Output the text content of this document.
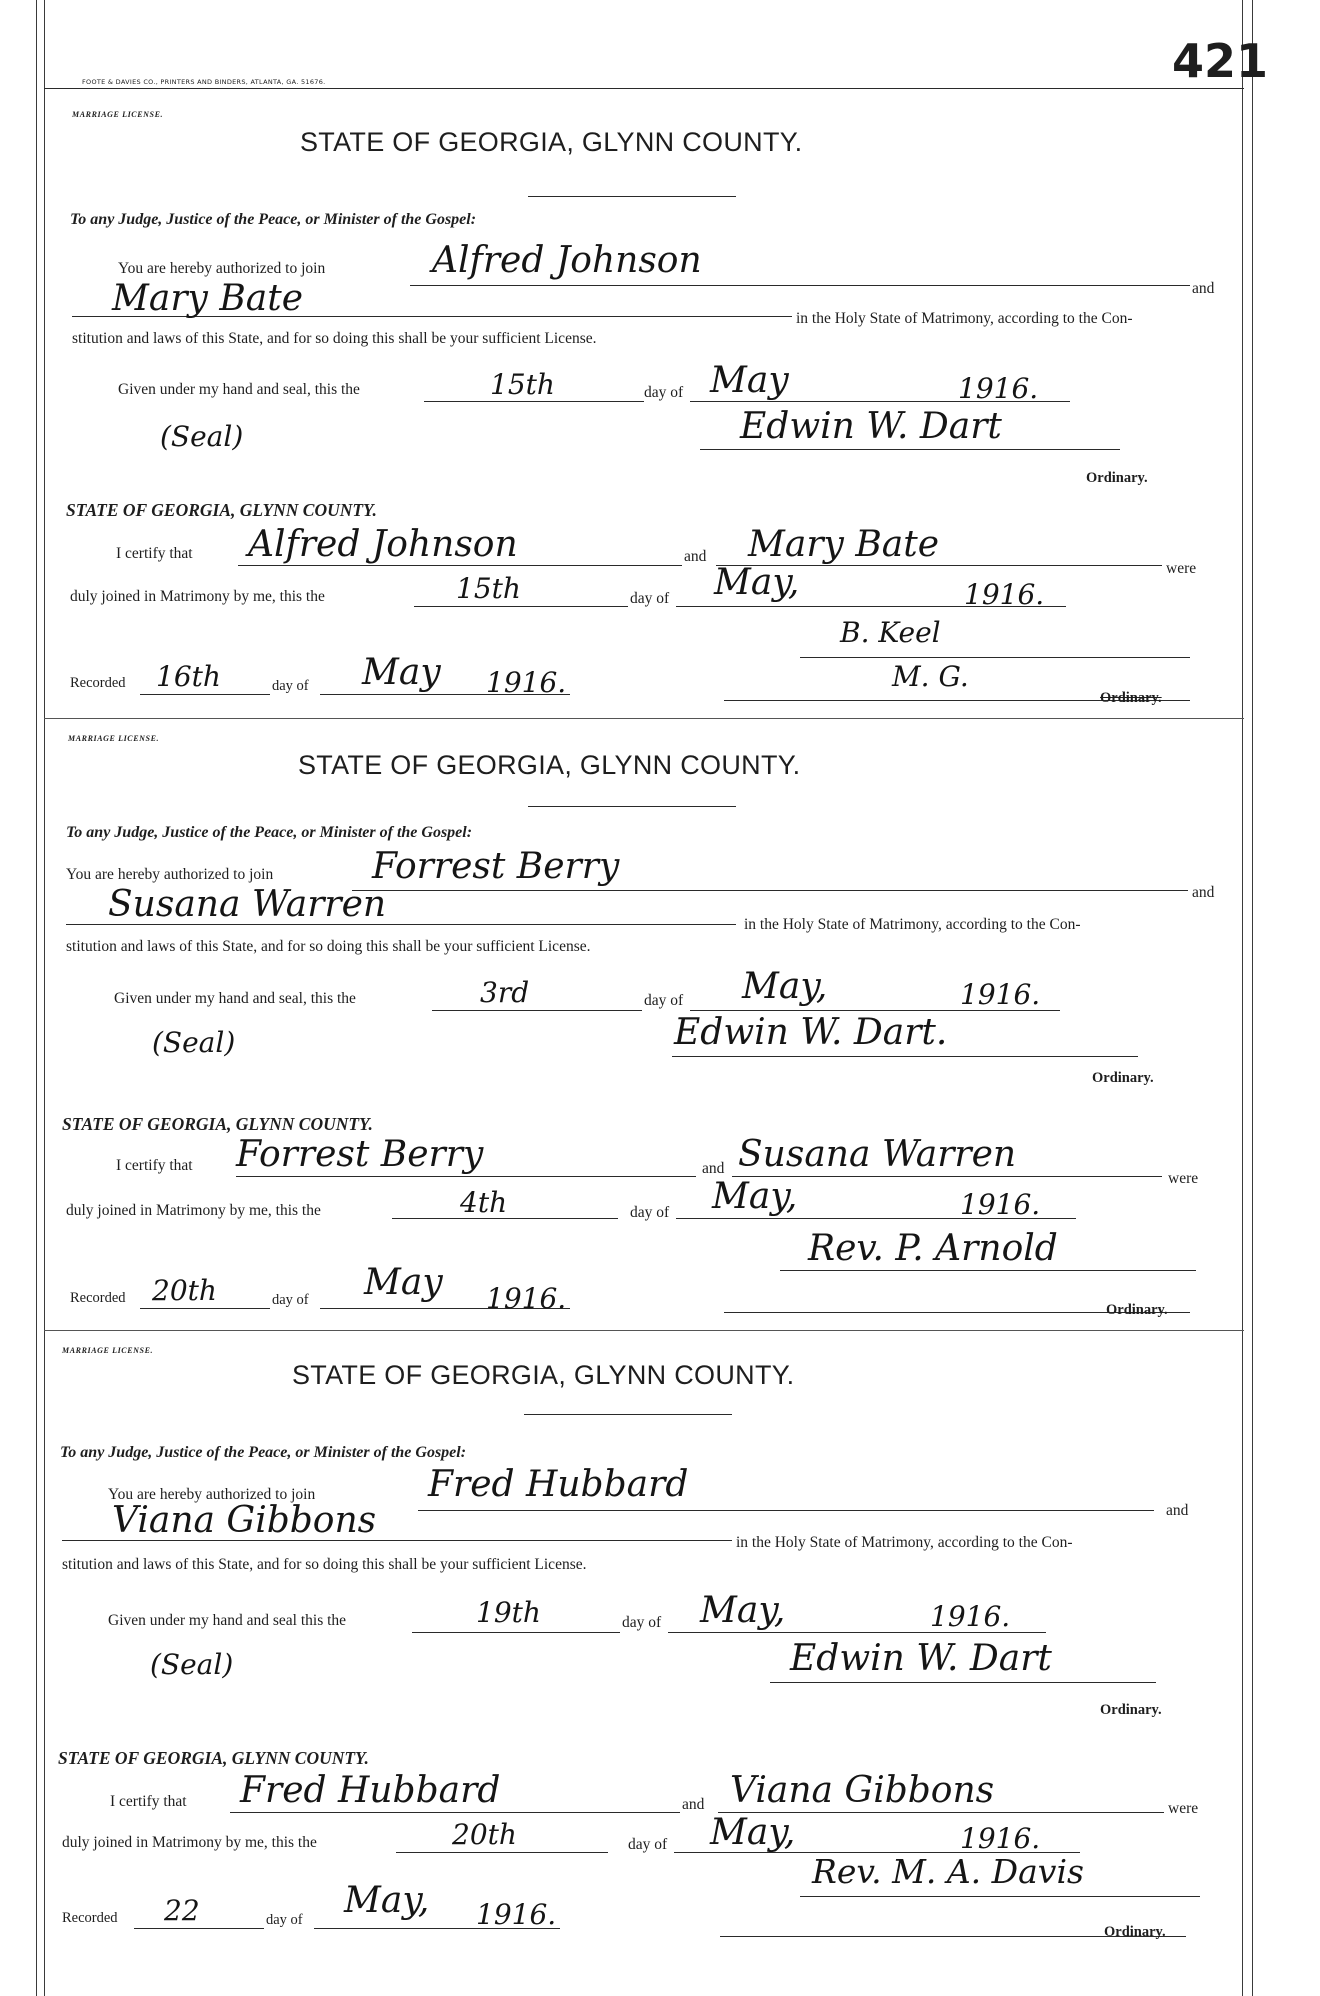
421
FOOTE & DAVIES CO., PRINTERS AND BINDERS, ATLANTA, GA. 51676.
MARRIAGE LICENSE.
STATE OF GEORGIA, GLYNN COUNTY.
To any Judge, Justice of the Peace, or Minister of the Gospel:
You are hereby authorized to join	Alfred Johnson
and
Mary Bate	in the Holy State of Matrimony, according to the Con-
stitution and laws of this State, and for so doing this shall be your sufficient License.
Given under my hand and seal, this the	15th	day of May	1916.
(Seal)	Edwin W. Dart
Ordinary.
STATE OF GEORGIA, GLYNN COUNTY.
I certify that Alfred Johnson	and Mary Bate
were
duly joined in Matrimony by me, this the	15th	day of May,	1916.
B. Keel
Recorded 16th	day of May 1916.	M. G.
Ordinary.
MARRIAGE LICENSE.
STATE OF GEORGIA, GLYNN COUNTY.
To any Judge, Justice of the Peace, or Minister of the Gospel:
You are hereby authorized to join	Forrest Berry
and
Susana Warren	in the Holy State of Matrimony, according to the Con-
stitution and laws of this State, and for so doing this shall be your sufficient License.
Given under my hand and seal, this the	3rd	day of May,	1916.
(Seal)	Edwin W. Dart.
Ordinary.
STATE OF GEORGIA, GLYNN COUNTY.
I certify that Forrest Berry	and Susana Warren
were
duly joined in Matrimony by me, this the	4th	day of May,	1916.
Rev. P. Arnold
Recorded 20th	day of May 1916.	Ordinary.
MARRIAGE LICENSE.
STATE OF GEORGIA, GLYNN COUNTY.
To any Judge, Justice of the Peace, or Minister of the Gospel:
You are hereby authorized to join	Fred Hubbard
and
Viana Gibbons
in the Holy State of Matrimony, according to the Con-
stitution and laws of this State, and for so doing this shall be your sufficient License.
Given under my hand and seal this the	19th	day of May,	1916.
(Seal)	Edwin W. Dart
Ordinary.
STATE OF GEORGIA, GLYNN COUNTY.
I certify that Fred Hubbard	and Viana Gibbons	were
duly joined in Matrimony by me, this the	20th	day of May,	1916.
Rev. M. A. Davis
Recorded 22	day of May, 1916.
Ordinary.
